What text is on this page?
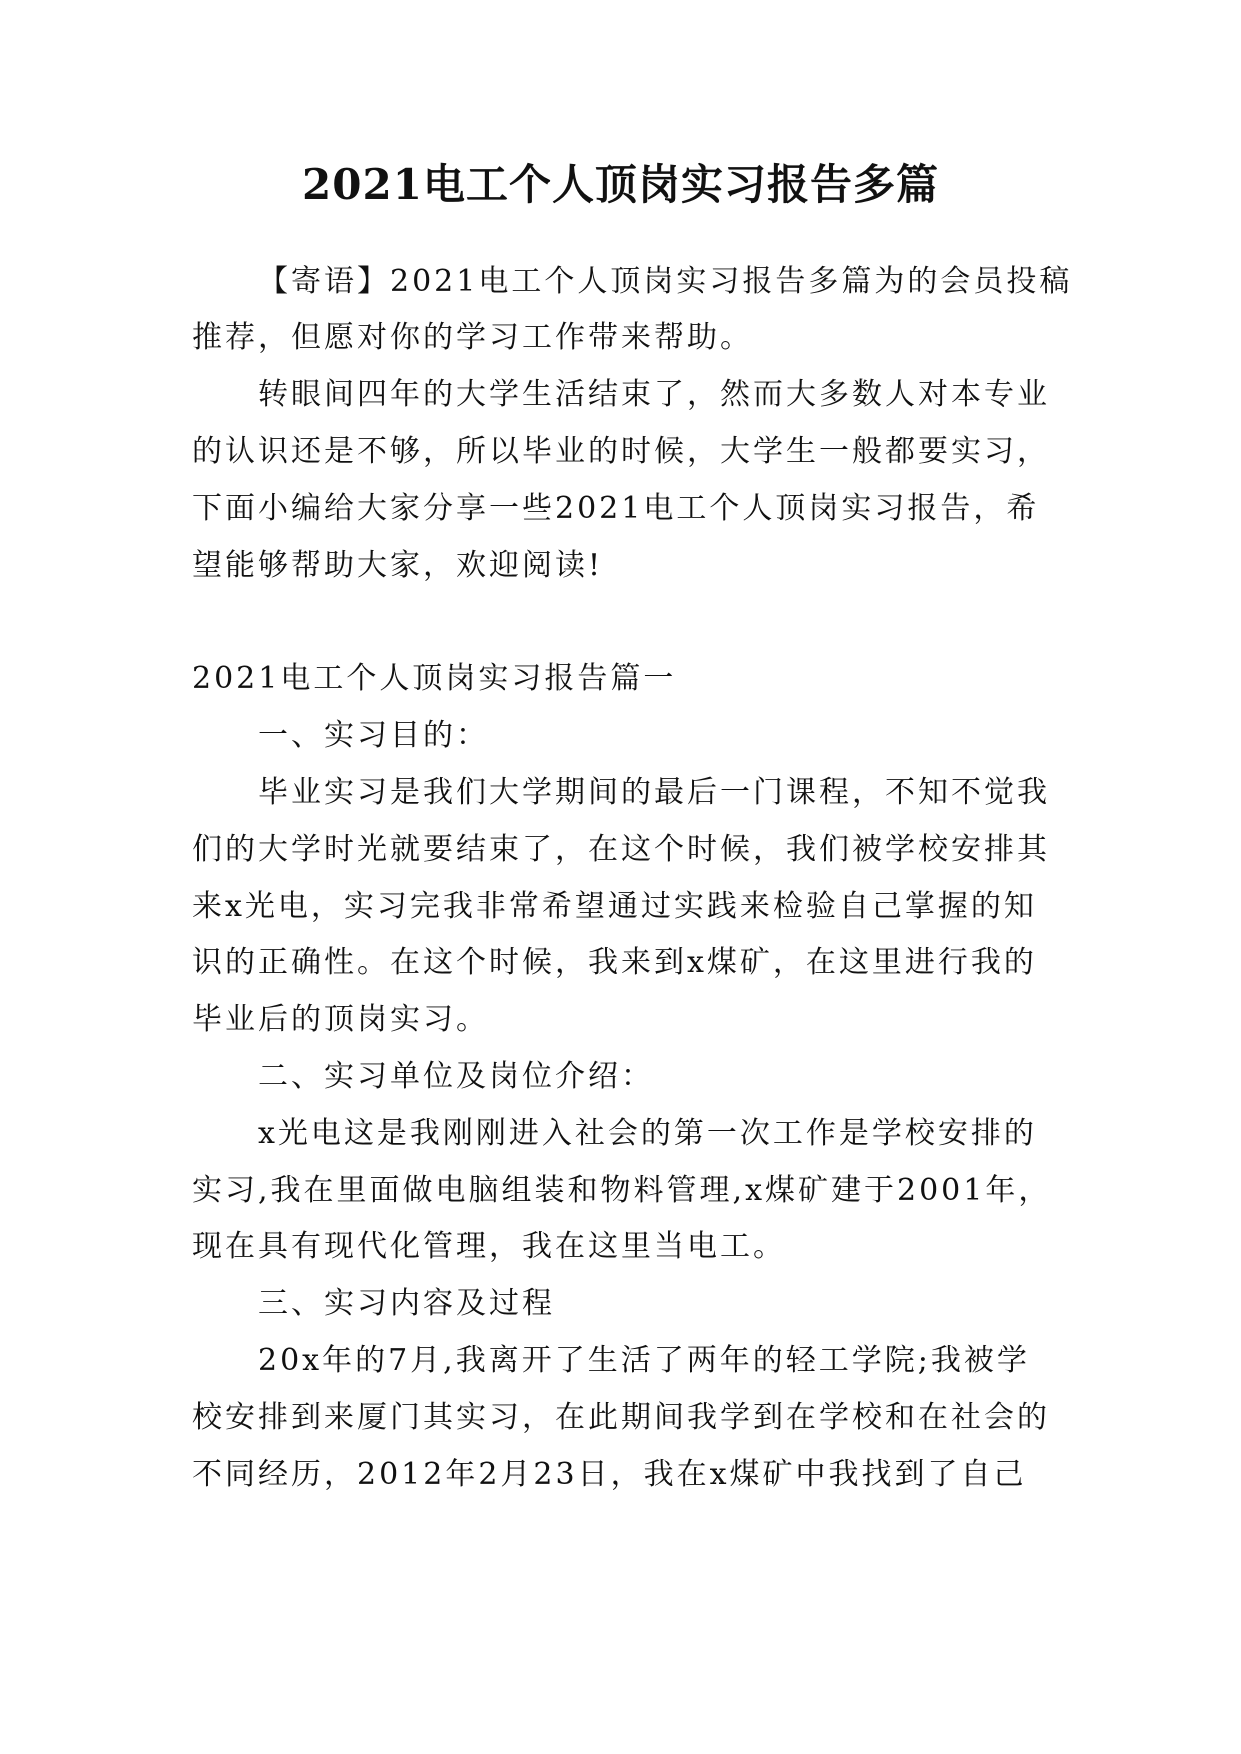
2021电工个人顶岗实习报告多篇
【寄语】2021电工个人顶岗实习报告多篇为的会员投稿
推荐，但愿对你的学习工作带来帮助。
转眼间四年的大学生活结束了，然而大多数人对本专业
的认识还是不够，所以毕业的时候，大学生一般都要实习，
下面小编给大家分享一些2021电工个人顶岗实习报告，希
望能够帮助大家，欢迎阅读!
2021电工个人顶岗实习报告篇一
一、实习目的：
毕业实习是我们大学期间的最后一门课程，不知不觉我
们的大学时光就要结束了，在这个时候，我们被学校安排其
来x光电，实习完我非常希望通过实践来检验自己掌握的知
识的正确性。在这个时候，我来到x煤矿，在这里进行我的
毕业后的顶岗实习。
二、实习单位及岗位介绍：
x光电这是我刚刚进入社会的第一次工作是学校安排的
实习,我在里面做电脑组装和物料管理,x煤矿建于2001年，
现在具有现代化管理，我在这里当电工。
三、实习内容及过程
20x年的7月,我离开了生活了两年的轻工学院;我被学
校安排到来厦门其实习，在此期间我学到在学校和在社会的
不同经历，2012年2月23日，我在x煤矿中我找到了自己
